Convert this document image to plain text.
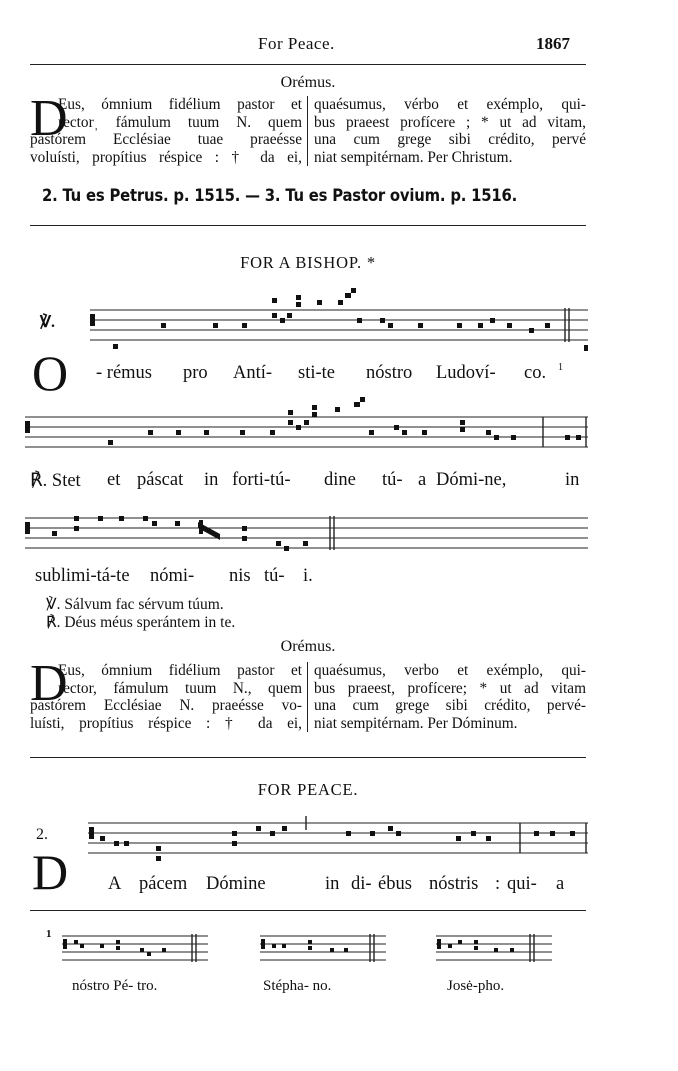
For Peace.	1867
Orémus.
D
Eus, ómnium fidélium pastor et
rectorˌ fámulum tuum N. quem
pastórem Ecclésiae tuae praeésse
voluísti, propítius réspice : † da ei,
quaésumus, vérbo et exémplo, qui-
bus praeest profícere ; * ut ad vitam,
una cum grege sibi crédito, pervé
niat sempitérnam. Per Christum.
2. Tu es Petrus. p. 1515. — 3. Tu es Pastor ovium. p. 1516.
FOR A BISHOP. *
℣.
O - rémus pro Antí- sti-te nóstro Ludoví- co. 1
℟. Stet et páscat in forti-tú- dine tú- a Dómi-ne,	in
sublimi-tá-te nómi- nis tú- i.
℣. Sálvum fac sérvum túum.
℟. Déus méus sperántem in te.
Orémus.
D
Eus, ómnium fidélium pastor et
rector, fámulum tuum N., quem
pastórem Ecclésiae N. praeésse vo-
luísti, propítius réspice : † da ei,
quaésumus, verbo et exémplo, qui-
bus praeest, profícere; * ut ad vitam
una cum grege sibi crédito, pervé-
niat sempitérnam. Per Dóminum.
FOR PEACE.
2.
D A pácem Dómine	in di- ébus nóstris : qui- a
1
nóstro Pé- tro.	Stépha- no.	Josė-pho.
